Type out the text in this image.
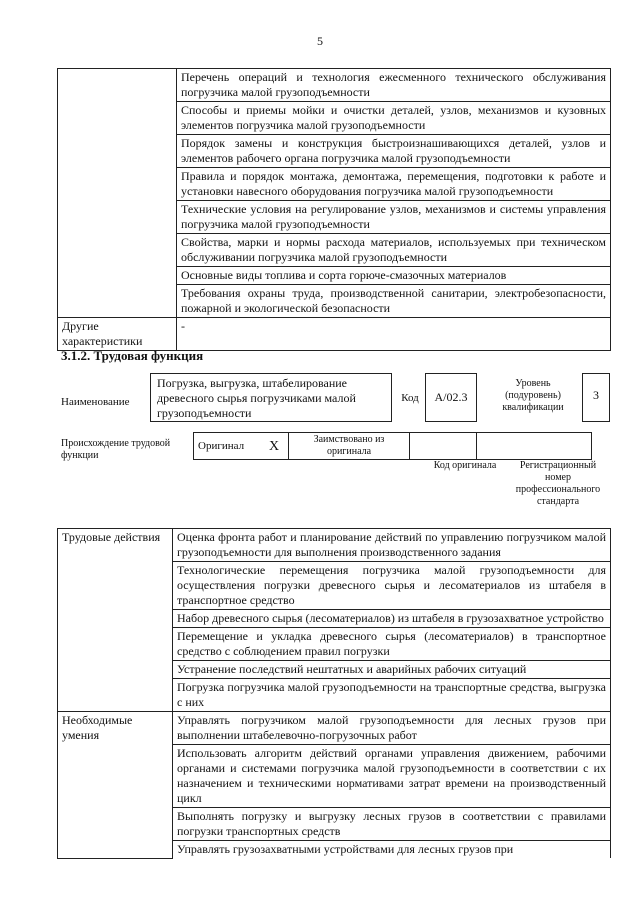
5
	Перечень операций и технология ежесменного технического обслуживания погрузчика малой грузоподъемности
	Способы и приемы мойки и очистки деталей, узлов, механизмов и кузовных элементов погрузчика малой грузоподъемности
	Порядок замены и конструкция быстроизнашивающихся деталей, узлов и элементов рабочего органа погрузчика малой грузоподъемности
	Правила и порядок монтажа, демонтажа, перемещения, подготовки к работе и установки навесного оборудования погрузчика малой грузоподъемности
	Технические условия на регулирование узлов, механизмов и системы управления погрузчика малой грузоподъемности
	Свойства, марки и нормы расхода материалов, используемых при техническом обслуживании погрузчика малой грузоподъемности
	Основные виды топлива и сорта горюче-смазочных материалов
	Требования охраны труда, производственной санитарии, электробезопасности, пожарной и экологической безопасности
Другие характеристики	-
3.1.2. Трудовая функция
Наименование
Погрузка, выгрузка, штабелирование древесного сырья погрузчиками малой грузоподъемности
Код	А/02.3
Уровень (подуровень) квалификации
3
Происхождение трудовой функции
Оригинал	X	Заимствовано из оригинала		
Код оригинала	Регистрационный номер профессионального стандарта
Трудовые действия	Оценка фронта работ и планирование действий по управлению погрузчиком малой грузоподъемности для выполнения производственного задания
	Технологические перемещения погрузчика малой грузоподъемности для осуществления погрузки древесного сырья и лесоматериалов из штабеля в транспортное средство
	Набор древесного сырья (лесоматериалов) из штабеля в грузозахватное устройство
	Перемещение и укладка древесного сырья (лесоматериалов) в транспортное средство с соблюдением правил погрузки
	Устранение последствий нештатных и аварийных рабочих ситуаций
	Погрузка погрузчика малой грузоподъемности на транспортные средства, выгрузка с них
Необходимые умения	Управлять погрузчиком малой грузоподъемности для лесных грузов при выполнении штабелевочно-погрузочных работ
	Использовать алгоритм действий органами управления движением, рабочими органами и системами погрузчика малой грузоподъемности в соответствии с их назначением и техническими нормативами затрат времени на производственный цикл
	Выполнять погрузку и выгрузку лесных грузов в соответствии с правилами погрузки транспортных средств
	Управлять грузозахватными устройствами для лесных грузов при
